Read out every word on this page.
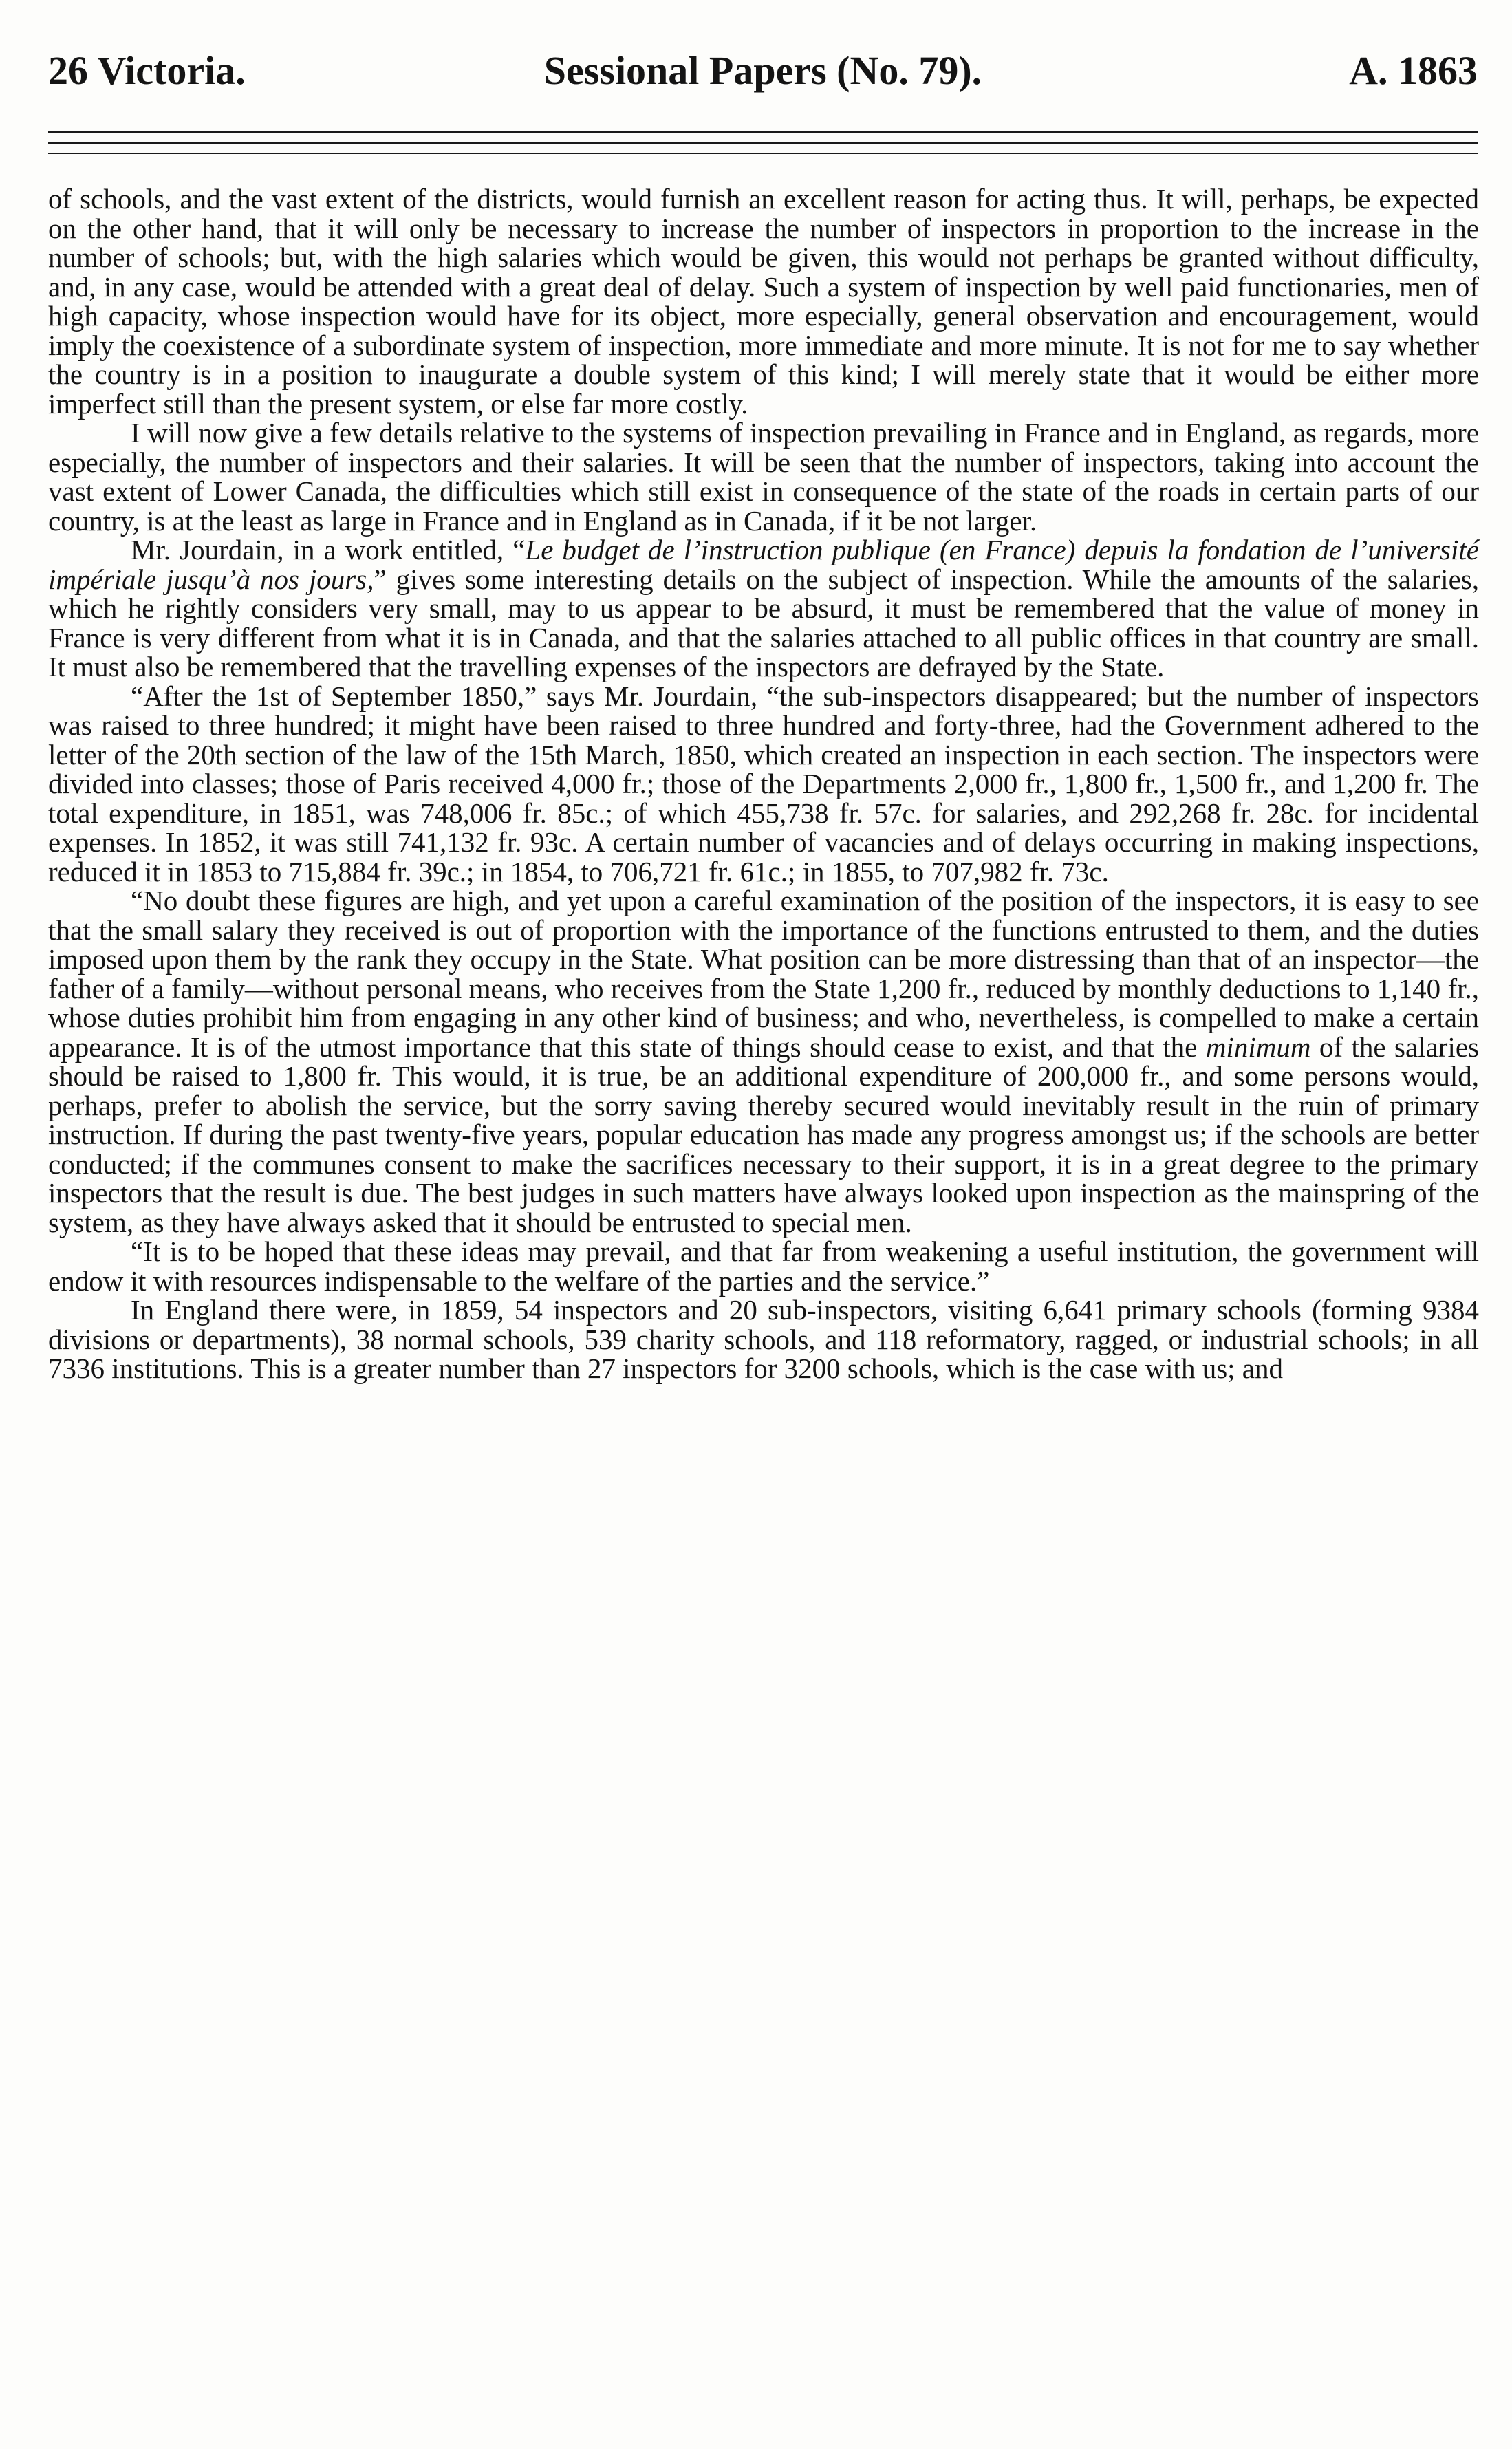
26 Victoria.	Sessional Papers (No. 79).	A. 1863

of schools, and the vast extent of the districts, would furnish an excellent reason for acting thus. It will, perhaps, be expected on the other hand, that it will only be necessary to increase the number of inspectors in proportion to the increase in the number of schools; but, with the high salaries which would be given, this would not perhaps be granted without difficulty, and, in any case, would be attended with a great deal of delay. Such a system of inspection by well paid functionaries, men of high capacity, whose inspection would have for its object, more especially, general observation and encouragement, would imply the coexistence of a subordinate system of inspection, more immediate and more minute. It is not for me to say whether the country is in a position to inaugurate a double system of this kind; I will merely state that it would be either more imperfect still than the present system, or else far more costly.

I will now give a few details relative to the systems of inspection prevailing in France and in England, as regards, more especially, the number of inspectors and their salaries. It will be seen that the number of inspectors, taking into account the vast extent of Lower Canada, the difficulties which still exist in consequence of the state of the roads in certain parts of our country, is at the least as large in France and in England as in Canada, if it be not larger.

Mr. Jourdain, in a work entitled, “Le budget de l’instruction publique (en France) depuis la fondation de l’université impériale jusqu’à nos jours,” gives some interesting details on the subject of inspection. While the amounts of the salaries, which he rightly considers very small, may to us appear to be absurd, it must be remembered that the value of money in France is very different from what it is in Canada, and that the salaries attached to all public offices in that country are small. It must also be remembered that the travelling expenses of the inspectors are defrayed by the State.

“After the 1st of September 1850,” says Mr. Jourdain, “the sub-inspectors disappeared; but the number of inspectors was raised to three hundred; it might have been raised to three hundred and forty-three, had the Government adhered to the letter of the 20th section of the law of the 15th March, 1850, which created an inspection in each section. The inspectors were divided into classes; those of Paris received 4,000 fr.; those of the Departments 2,000 fr., 1,800 fr., 1,500 fr., and 1,200 fr. The total expenditure, in 1851, was 748,006 fr. 85c.; of which 455,738 fr. 57c. for salaries, and 292,268 fr. 28c. for incidental expenses. In 1852, it was still 741,132 fr. 93c. A certain number of vacancies and of delays occurring in making inspections, reduced it in 1853 to 715,884 fr. 39c.; in 1854, to 706,721 fr. 61c.; in 1855, to 707,982 fr. 73c.

“No doubt these figures are high, and yet upon a careful examination of the position of the inspectors, it is easy to see that the small salary they received is out of proportion with the importance of the functions entrusted to them, and the duties imposed upon them by the rank they occupy in the State. What position can be more distressing than that of an inspector—the father of a family—without personal means, who receives from the State 1,200 fr., reduced by monthly deductions to 1,140 fr., whose duties prohibit him from engaging in any other kind of business; and who, nevertheless, is compelled to make a certain appearance. It is of the utmost importance that this state of things should cease to exist, and that the minimum of the salaries should be raised to 1,800 fr. This would, it is true, be an additional expenditure of 200,000 fr., and some persons would, perhaps, prefer to abolish the service, but the sorry saving thereby secured would inevitably result in the ruin of primary instruction. If during the past twenty-five years, popular education has made any progress amongst us; if the schools are better conducted; if the communes consent to make the sacrifices necessary to their support, it is in a great degree to the primary inspectors that the result is due. The best judges in such matters have always looked upon inspection as the mainspring of the system, as they have always asked that it should be entrusted to special men.

“It is to be hoped that these ideas may prevail, and that far from weakening a useful institution, the government will endow it with resources indispensable to the welfare of the parties and the service.”

In England there were, in 1859, 54 inspectors and 20 sub-inspectors, visiting 6,641 primary schools (forming 9384 divisions or departments), 38 normal schools, 539 charity schools, and 118 reformatory, ragged, or industrial schools; in all 7336 institutions. This is a greater number than 27 inspectors for 3200 schools, which is the case with us; and
